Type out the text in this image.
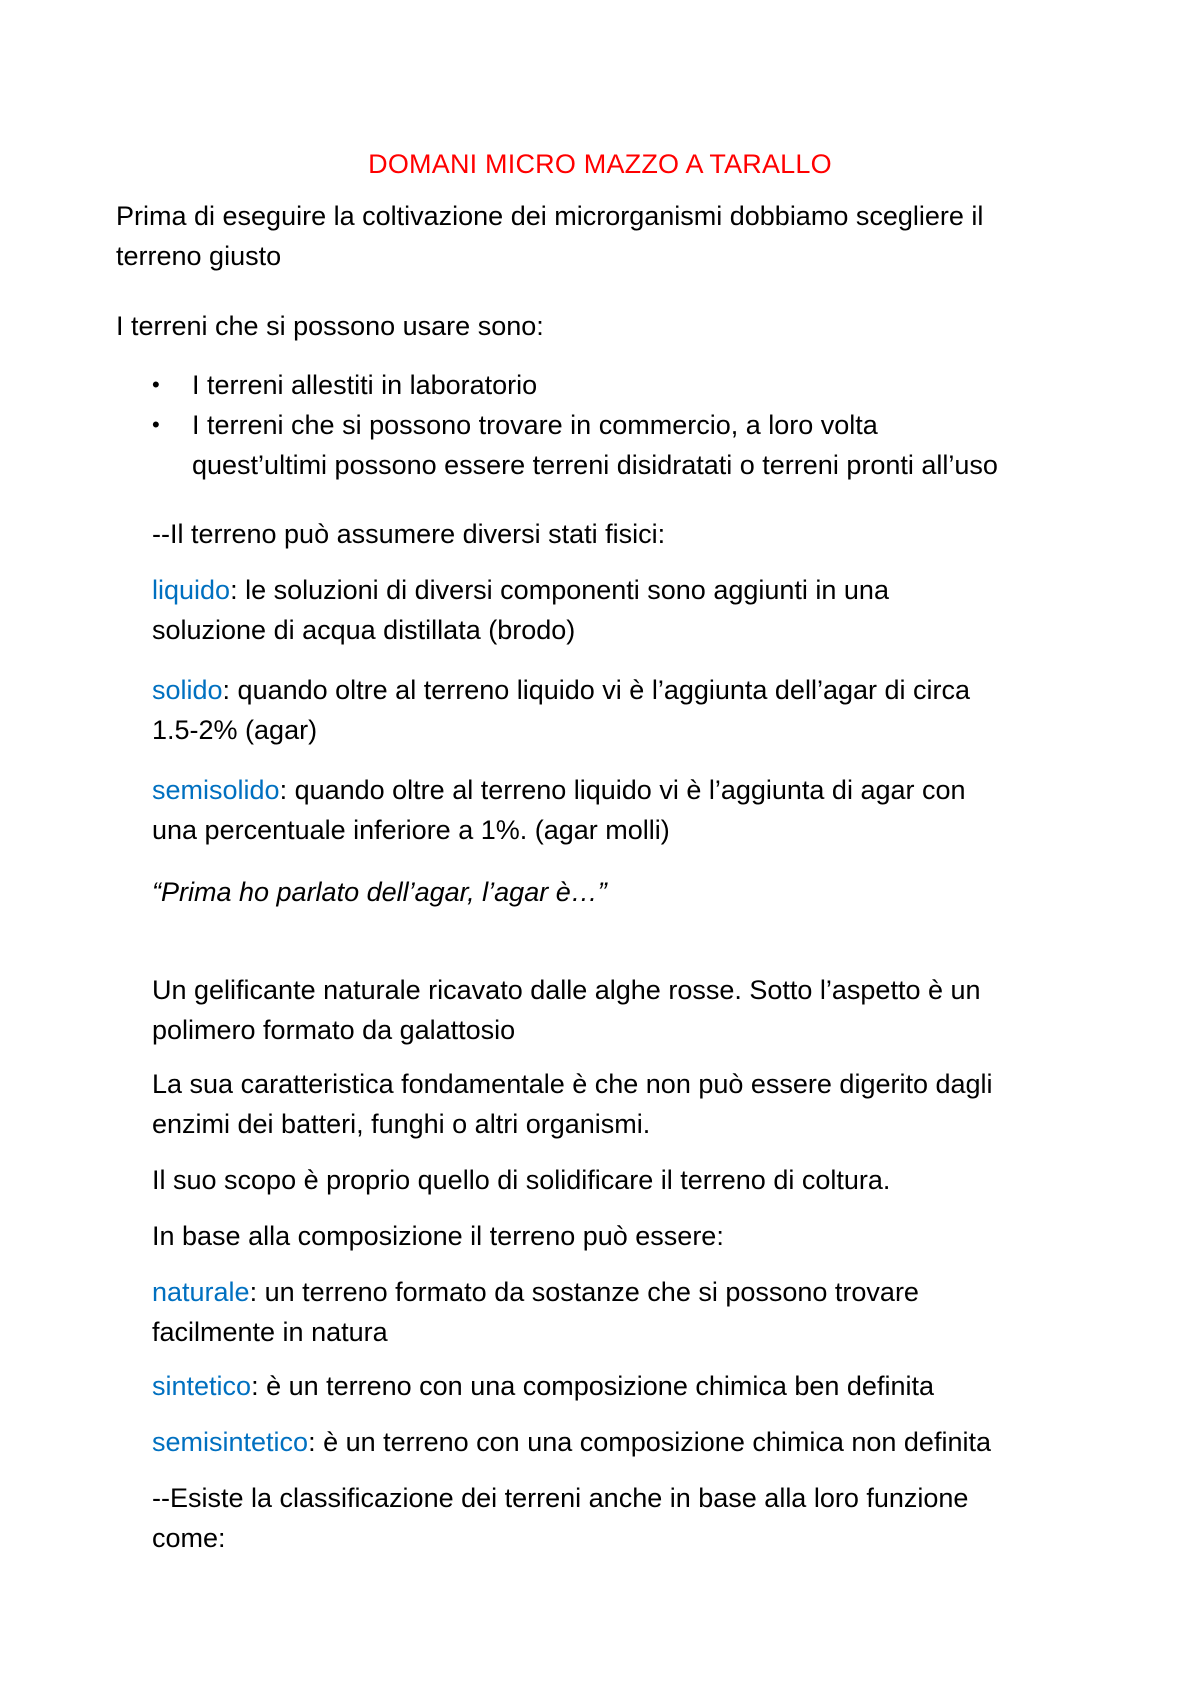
DOMANI MICRO MAZZO A TARALLO
Prima di eseguire la coltivazione dei microrganismi dobbiamo scegliere il
terreno giusto
I terreni che si possono usare sono:
• I terreni allestiti in laboratorio
• I terreni che si possono trovare in commercio, a loro volta
quest’ultimi possono essere terreni disidratati o terreni pronti all’uso
--Il terreno può assumere diversi stati fisici:
liquido: le soluzioni di diversi componenti sono aggiunti in una
soluzione di acqua distillata (brodo)
solido: quando oltre al terreno liquido vi è l’aggiunta dell’agar di circa
1.5-2% (agar)
semisolido: quando oltre al terreno liquido vi è l’aggiunta di agar con
una percentuale inferiore a 1%. (agar molli)
“Prima ho parlato dell’agar, l’agar è…”
Un gelificante naturale ricavato dalle alghe rosse. Sotto l’aspetto è un
polimero formato da galattosio
La sua caratteristica fondamentale è che non può essere digerito dagli
enzimi dei batteri, funghi o altri organismi.
Il suo scopo è proprio quello di solidificare il terreno di coltura.
In base alla composizione il terreno può essere:
naturale: un terreno formato da sostanze che si possono trovare
facilmente in natura
sintetico: è un terreno con una composizione chimica ben definita
semisintetico: è un terreno con una composizione chimica non definita
--Esiste la classificazione dei terreni anche in base alla loro funzione
come:
